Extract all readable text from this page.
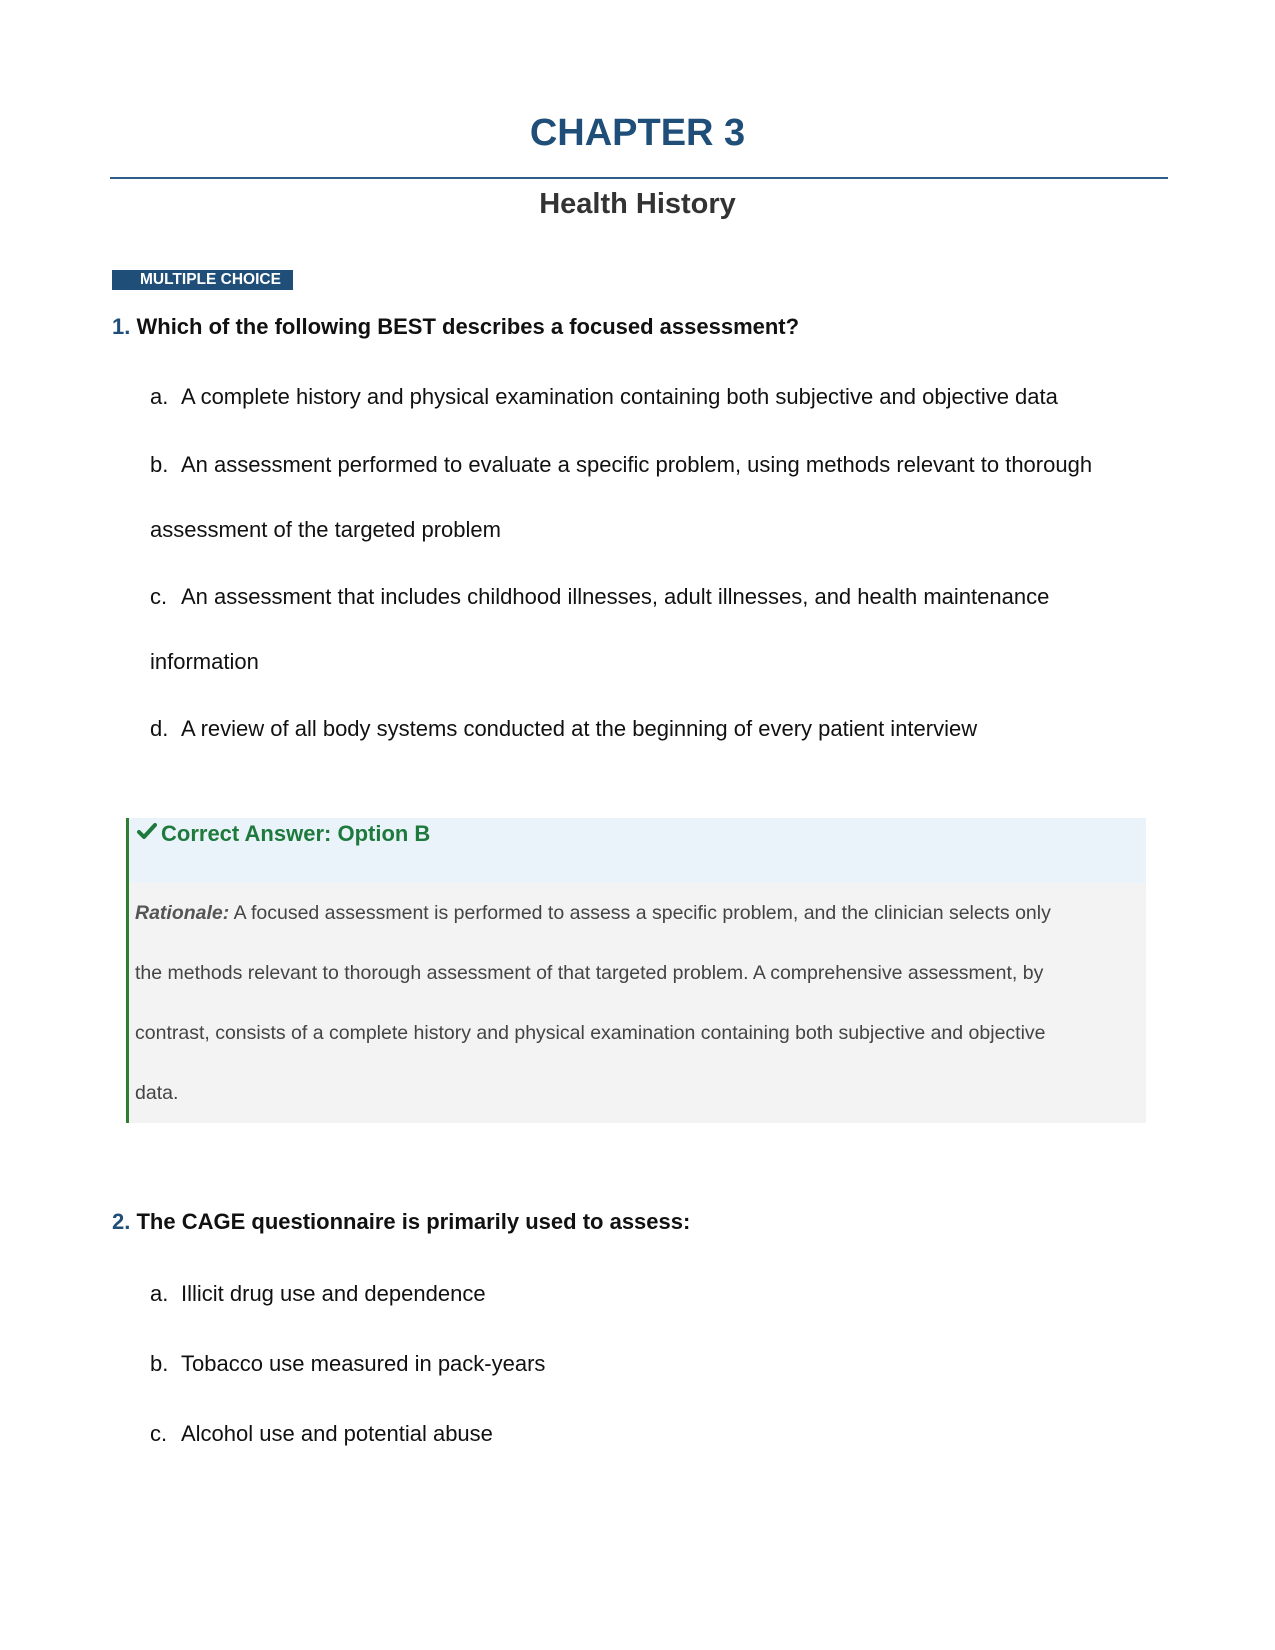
CHAPTER 3
Health History
MULTIPLE CHOICE
1. Which of the following BEST describes a focused assessment?
a. A complete history and physical examination containing both subjective and objective data
b. An assessment performed to evaluate a specific problem, using methods relevant to thorough
assessment of the targeted problem
c. An assessment that includes childhood illnesses, adult illnesses, and health maintenance
information
d. A review of all body systems conducted at the beginning of every patient interview
Correct Answer: Option B
Rationale: A focused assessment is performed to assess a specific problem, and the clinician selects only
the methods relevant to thorough assessment of that targeted problem. A comprehensive assessment, by
contrast, consists of a complete history and physical examination containing both subjective and objective
data.
2. The CAGE questionnaire is primarily used to assess:
a. Illicit drug use and dependence
b. Tobacco use measured in pack-years
c. Alcohol use and potential abuse
